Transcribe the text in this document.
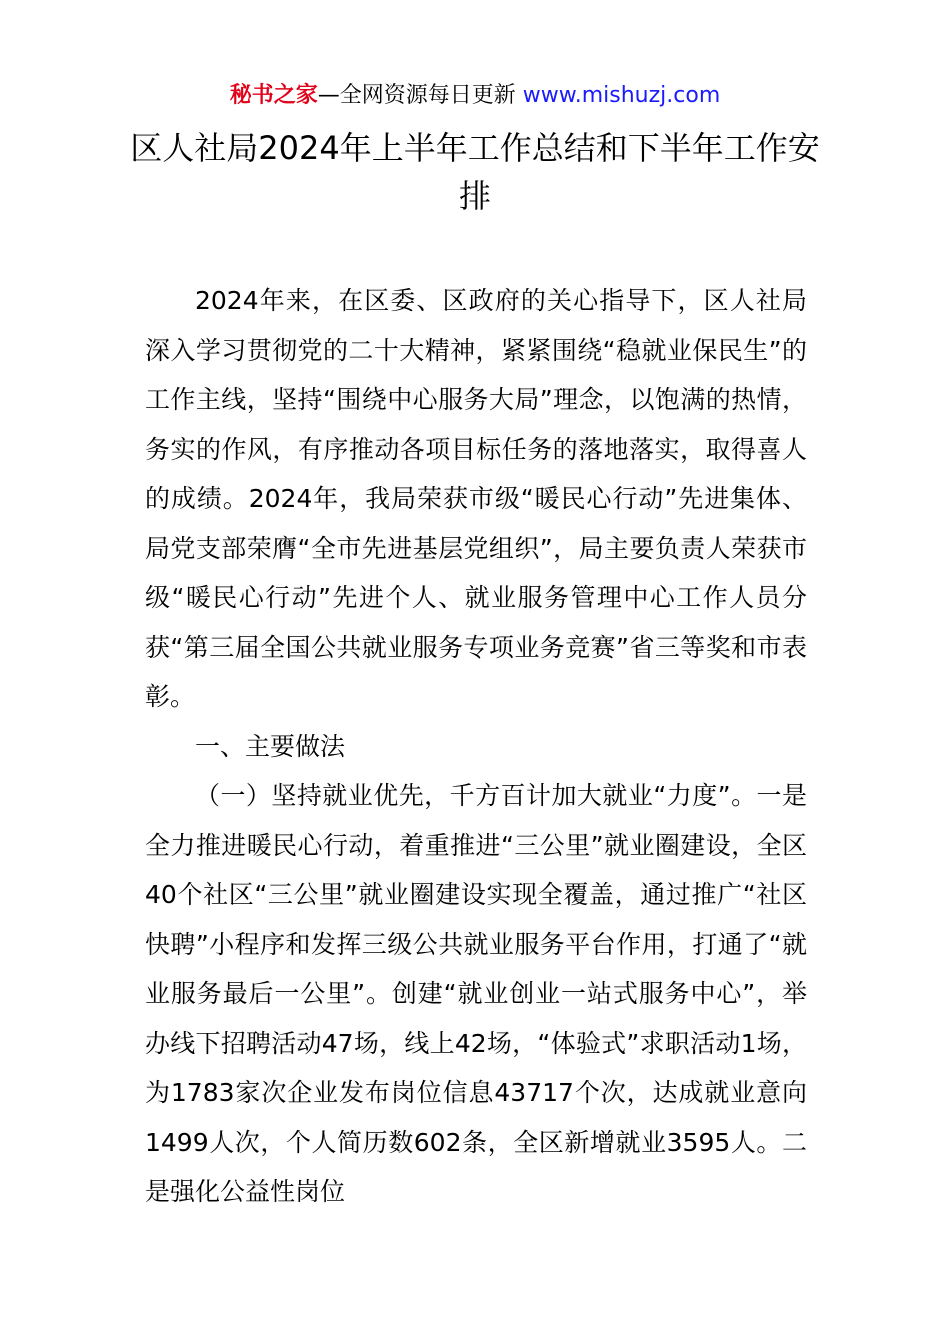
秘书之家—全网资源每日更新 www.mishuzj.com
区人社局2024年上半年工作总结和下半年工作安排

2024年来，在区委、区政府的关心指导下，区人社局深入学习贯彻党的二十大精神，紧紧围绕“稳就业保民生”的工作主线，坚持“围绕中心服务大局”理念，以饱满的热情，务实的作风，有序推动各项目标任务的落地落实，取得喜人的成绩。2024年，我局荣获市级“暖民心行动”先进集体、局党支部荣膺“全市先进基层党组织”，局主要负责人荣获市级“暖民心行动”先进个人、就业服务管理中心工作人员分获“第三届全国公共就业服务专项业务竞赛”省三等奖和市表彰。

一、主要做法

（一）坚持就业优先，千方百计加大就业“力度”。一是全力推进暖民心行动，着重推进“三公里”就业圈建设，全区40个社区“三公里”就业圈建设实现全覆盖，通过推广“社区快聘”小程序和发挥三级公共就业服务平台作用，打通了“就业服务最后一公里”。创建“就业创业一站式服务中心”，举办线下招聘活动47场，线上42场，“体验式”求职活动1场，为1783家次企业发布岗位信息43717个次，达成就业意向1499人次，个人简历数602条，全区新增就业3595人。二是强化公益性岗位
